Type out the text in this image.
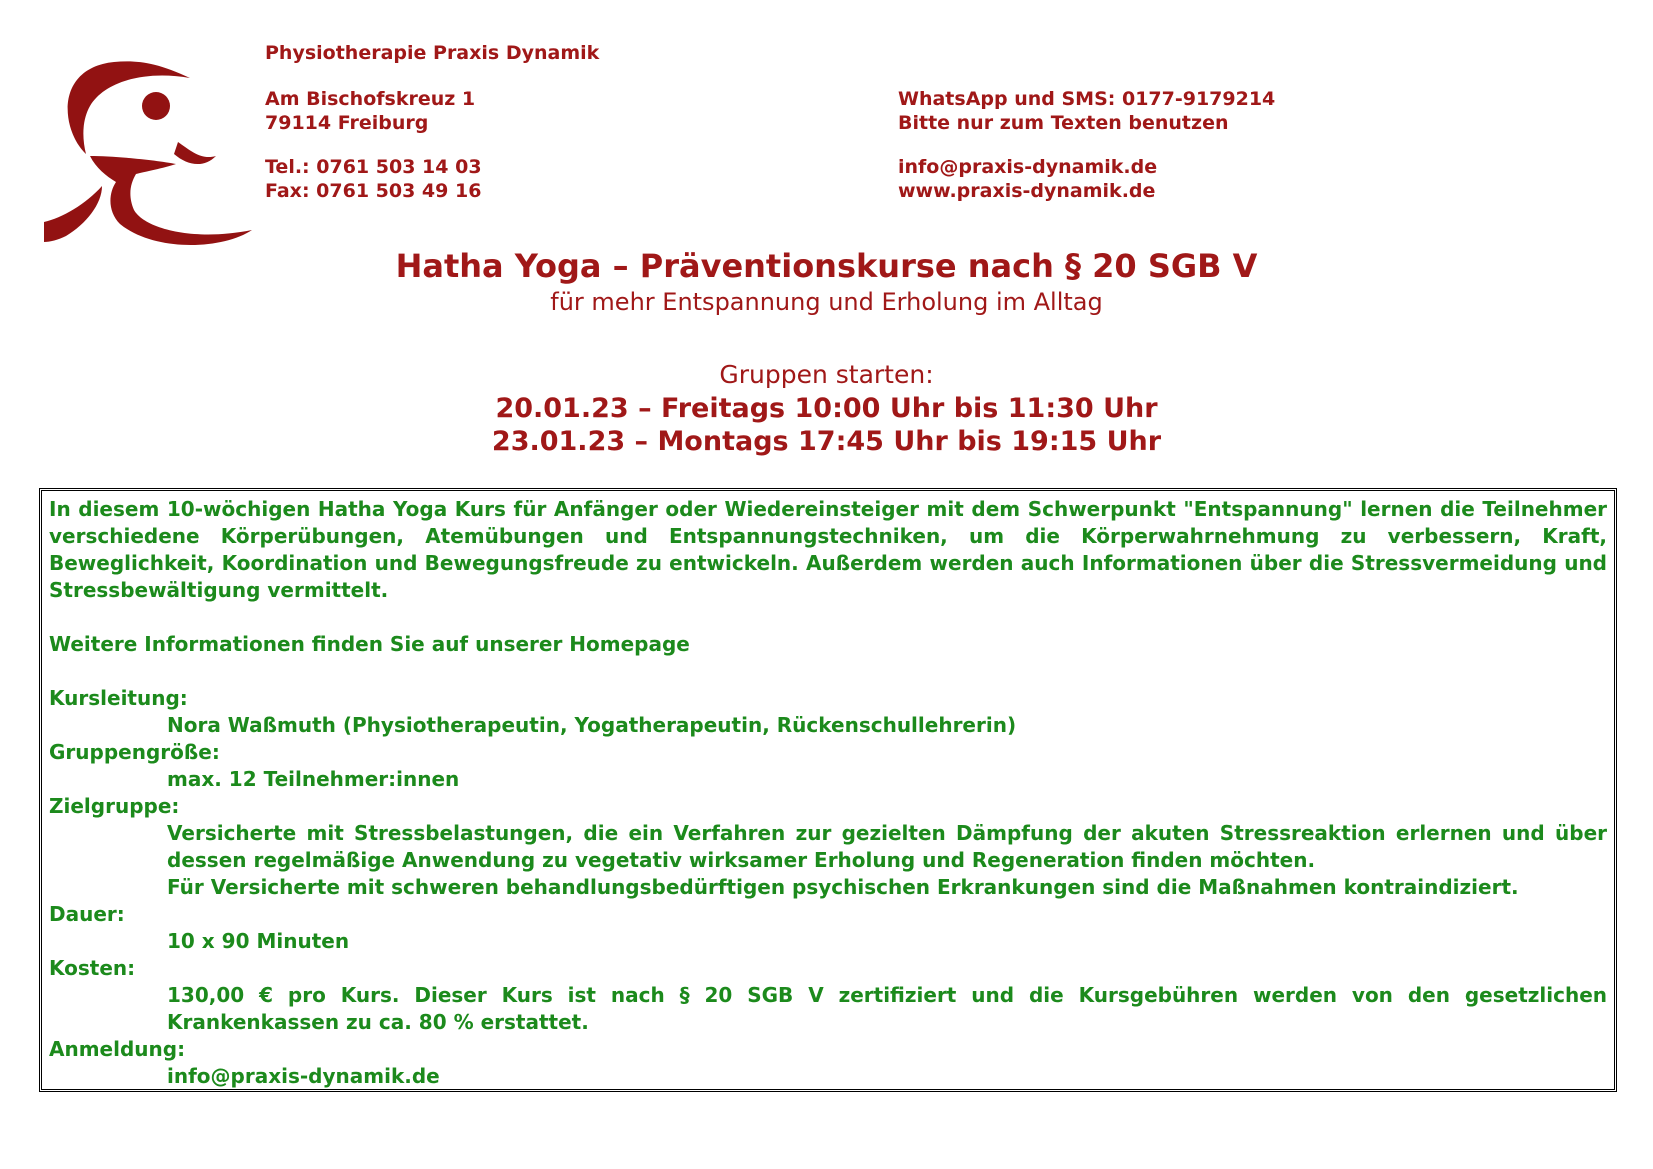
Physiotherapie Praxis Dynamik
Am Bischofskreuz 1
79114 Freiburg
Tel.: 0761 503 14 03
Fax: 0761 503 49 16
WhatsApp und SMS: 0177-9179214
Bitte nur zum Texten benutzen
info@praxis-dynamik.de
www.praxis-dynamik.de
Hatha Yoga – Präventionskurse nach § 20 SGB V
für mehr Entspannung und Erholung im Alltag
Gruppen starten:
20.01.23 – Freitags 10:00 Uhr bis 11:30 Uhr
23.01.23 – Montags 17:45 Uhr bis 19:15 Uhr
In diesem 10-wöchigen Hatha Yoga Kurs für Anfänger oder Wiedereinsteiger mit dem Schwerpunkt "Entspannung" lernen die Teilnehmer verschiedene Körperübungen, Atemübungen und Entspannungstechniken, um die Körperwahrnehmung zu verbessern, Kraft, Beweglichkeit, Koordination und Bewegungsfreude zu entwickeln. Außerdem werden auch Informationen über die Stressvermeidung und Stressbewältigung vermittelt.
Weitere Informationen finden Sie auf unserer Homepage
Kursleitung:
Nora Waßmuth (Physiotherapeutin, Yogatherapeutin, Rückenschullehrerin)
Gruppengröße:
max. 12 Teilnehmer:innen
Zielgruppe:
Versicherte mit Stressbelastungen, die ein Verfahren zur gezielten Dämpfung der akuten Stressreaktion erlernen und über dessen regelmäßige Anwendung zu vegetativ wirksamer Erholung und Regeneration finden möchten.
Für Versicherte mit schweren behandlungsbedürftigen psychischen Erkrankungen sind die Maßnahmen kontraindiziert.
Dauer:
10 x 90 Minuten
Kosten:
130,00 € pro Kurs. Dieser Kurs ist nach § 20 SGB V zertifiziert und die Kursgebühren werden von den gesetzlichen Krankenkassen zu ca. 80 % erstattet.
Anmeldung:
info@praxis-dynamik.de
